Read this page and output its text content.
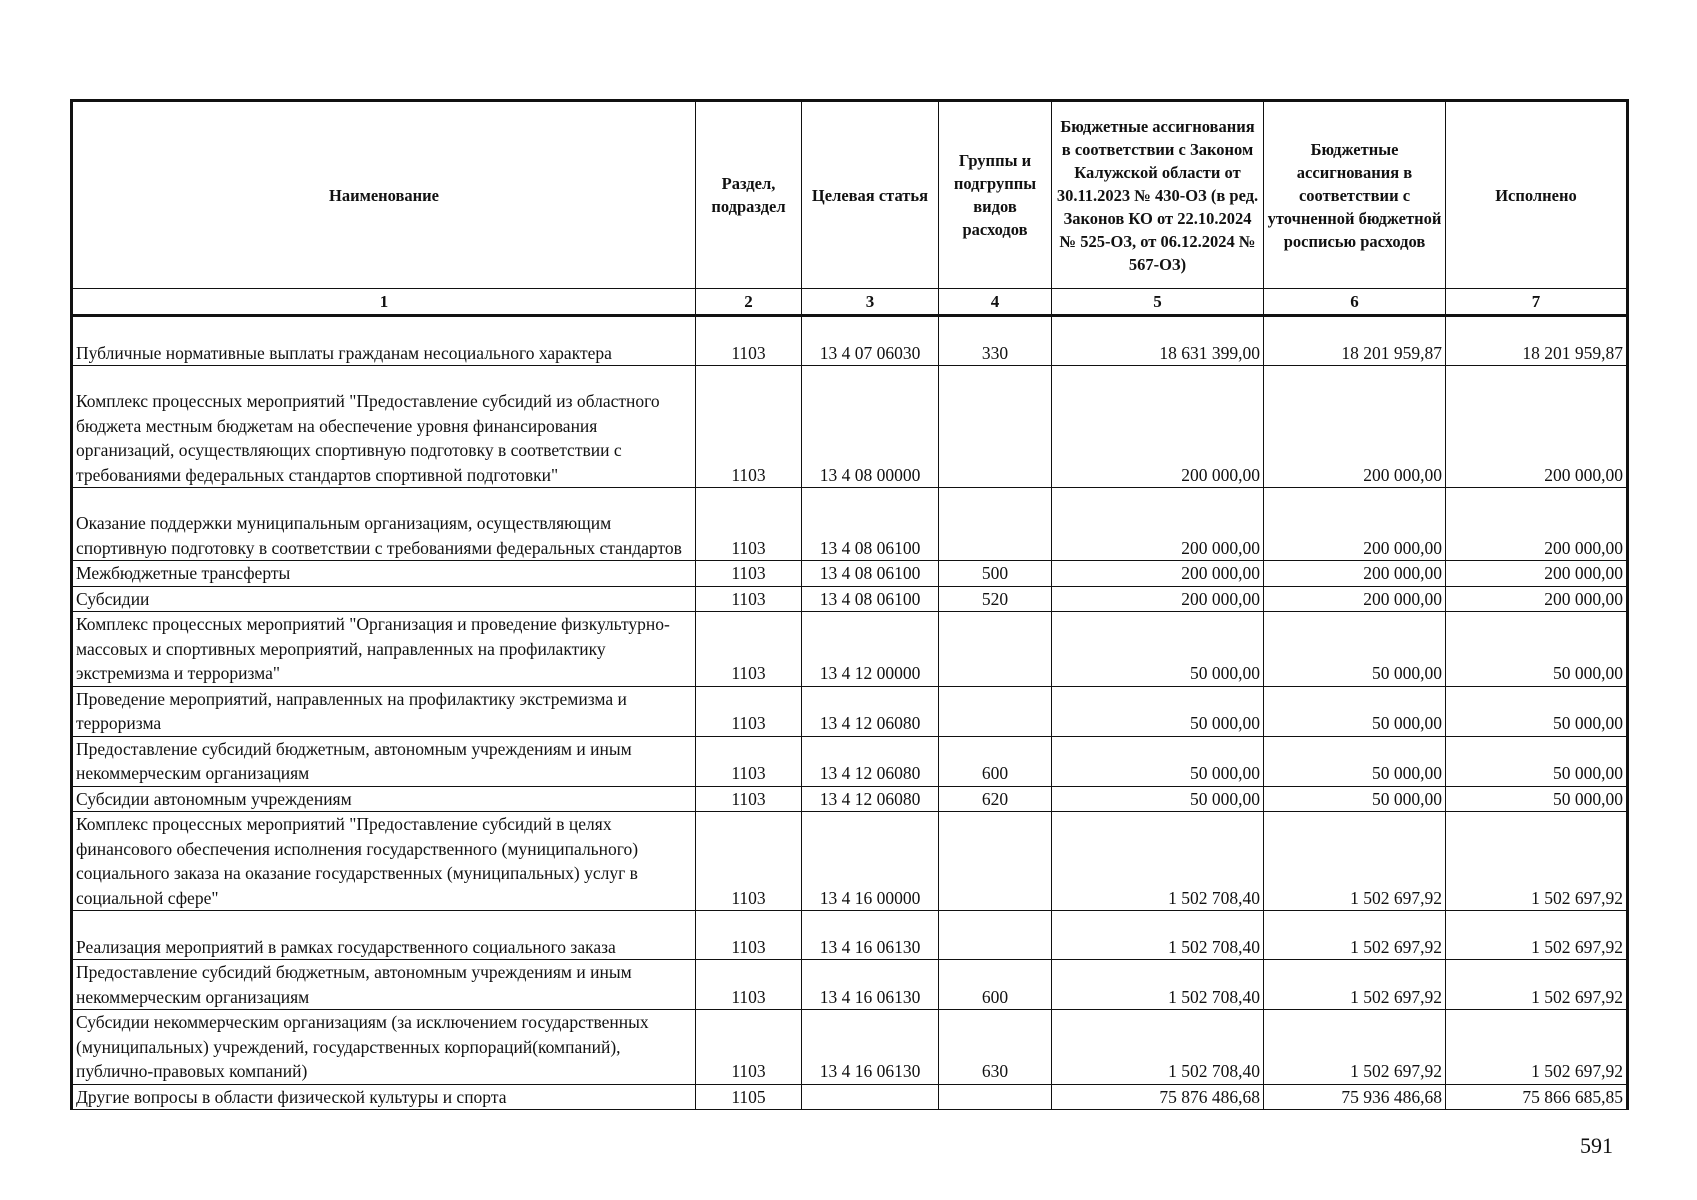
Наименование	Раздел, подраздел	Целевая статья	Группы и подгруппы видов расходов	Бюджетные ассигнования в соответствии с Законом Калужской области от 30.11.2023 № 430-ОЗ (в ред. Законов КО от 22.10.2024 № 525-ОЗ, от 06.12.2024 № 567-ОЗ)	Бюджетные ассигнования в соответствии с уточненной бюджетной росписью расходов	Исполнено
1	2	3	4	5	6	7
Публичные нормативные выплаты гражданам несоциального характера	1103	13 4 07 06030	330	18 631 399,00	18 201 959,87	18 201 959,87
Комплекс процессных мероприятий "Предоставление субсидий из областного бюджета местным бюджетам на обеспечение уровня финансирования организаций, осуществляющих спортивную подготовку в соответствии с требованиями федеральных стандартов спортивной подготовки"	1103	13 4 08 00000		200 000,00	200 000,00	200 000,00
Оказание поддержки муниципальным организациям, осуществляющим спортивную подготовку в соответствии с требованиями федеральных стандартов	1103	13 4 08 06100		200 000,00	200 000,00	200 000,00
Межбюджетные трансферты	1103	13 4 08 06100	500	200 000,00	200 000,00	200 000,00
Субсидии	1103	13 4 08 06100	520	200 000,00	200 000,00	200 000,00
Комплекс процессных мероприятий "Организация и проведение физкультурно-массовых и спортивных мероприятий, направленных на профилактику экстремизма и терроризма"	1103	13 4 12 00000		50 000,00	50 000,00	50 000,00
Проведение мероприятий, направленных на профилактику экстремизма и терроризма	1103	13 4 12 06080		50 000,00	50 000,00	50 000,00
Предоставление субсидий бюджетным, автономным учреждениям и иным некоммерческим организациям	1103	13 4 12 06080	600	50 000,00	50 000,00	50 000,00
Субсидии автономным учреждениям	1103	13 4 12 06080	620	50 000,00	50 000,00	50 000,00
Комплекс процессных мероприятий "Предоставление субсидий в целях финансового обеспечения исполнения государственного (муниципального) социального заказа на оказание государственных (муниципальных) услуг в социальной сфере"	1103	13 4 16 00000		1 502 708,40	1 502 697,92	1 502 697,92
Реализация мероприятий в рамках государственного социального заказа	1103	13 4 16 06130		1 502 708,40	1 502 697,92	1 502 697,92
Предоставление субсидий бюджетным, автономным учреждениям и иным некоммерческим организациям	1103	13 4 16 06130	600	1 502 708,40	1 502 697,92	1 502 697,92
Субсидии некоммерческим организациям (за исключением государственных (муниципальных) учреждений, государственных корпораций(компаний), публично-правовых компаний)	1103	13 4 16 06130	630	1 502 708,40	1 502 697,92	1 502 697,92
Другие вопросы в области физической культуры и спорта	1105			75 876 486,68	75 936 486,68	75 866 685,85
591
